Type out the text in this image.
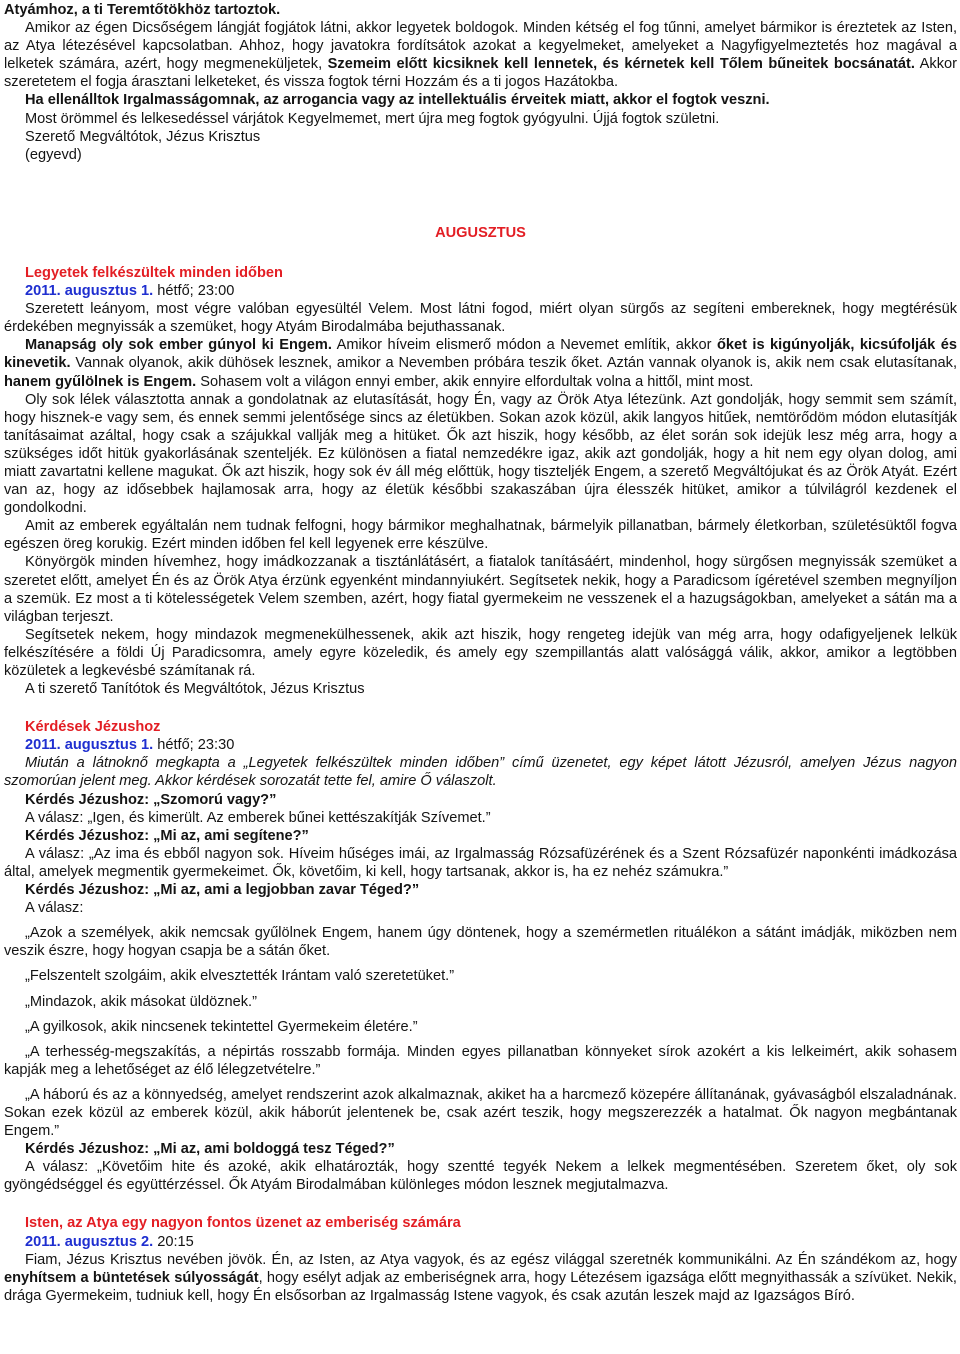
Atyámhoz, a ti Teremtőtökhöz tartoztok.

Amikor az égen Dicsőségem lángját fogjátok látni, akkor legyetek boldogok. Minden kétség el fog tűnni, amelyet bármikor is éreztetek az Isten, az Atya létezésével kapcsolatban. Ahhoz, hogy javatokra fordítsátok azokat a kegyelmeket, amelyeket a Nagyfigyelmeztetés hoz magával a lelketek számára, azért, hogy megmeneküljetek, Szemeim előtt kicsiknek kell lennetek, és kérnetek kell Tőlem bűneitek bocsánatát. Akkor szeretetem el fogja árasztani lelketeket, és vissza fogtok térni Hozzám és a ti jogos Hazátokba.

Ha ellenálltok Irgalmasságomnak, az arrogancia vagy az intellektuális érveitek miatt, akkor el fogtok veszni.

Most örömmel és lelkesedéssel várjátok Kegyelmemet, mert újra meg fogtok gyógyulni. Újjá fogtok születni.

Szerető Megváltótok, Jézus Krisztus

(egyevd)

AUGUSZTUS

Legyetek felkészültek minden időben

2011. augusztus 1. hétfő; 23:00

Szeretett leányom, most végre valóban egyesültél Velem. Most látni fogod, miért olyan sürgős az segíteni embereknek, hogy megtérésük érdekében megnyissák a szemüket, hogy Atyám Birodalmába bejuthassanak.

Manapság oly sok ember gúnyol ki Engem. Amikor híveim elismerő módon a Nevemet említik, akkor őket is kigúnyolják, kicsúfolják és kinevetik. Vannak olyanok, akik dühösek lesznek, amikor a Nevemben próbára teszik őket. Aztán vannak olyanok is, akik nem csak elutasítanak, hanem gyűlölnek is Engem. Sohasem volt a világon ennyi ember, akik ennyire elfordultak volna a hittől, mint most.

Oly sok lélek választotta annak a gondolatnak az elutasítását, hogy Én, vagy az Örök Atya létezünk. Azt gondolják, hogy semmit sem számít, hogy hisznek-e vagy sem, és ennek semmi jelentősége sincs az életükben. Sokan azok közül, akik langyos hitűek, nemtörődöm módon elutasítják tanításaimat azáltal, hogy csak a szájukkal vallják meg a hitüket. Ők azt hiszik, hogy később, az élet során sok idejük lesz még arra, hogy a szükséges időt hitük gyakorlásának szenteljék. Ez különösen a fiatal nemzedékre igaz, akik azt gondolják, hogy a hit nem egy olyan dolog, ami miatt zavartatni kellene magukat. Ők azt hiszik, hogy sok év áll még előttük, hogy tiszteljék Engem, a szerető Megváltójukat és az Örök Atyát. Ezért van az, hogy az idősebbek hajlamosak arra, hogy az életük későbbi szakaszában újra élesszék hitüket, amikor a túlvilágról kezdenek el gondolkodni.

Amit az emberek egyáltalán nem tudnak felfogni, hogy bármikor meghalhatnak, bármelyik pillanatban, bármely életkorban, születésüktől fogva egészen öreg korukig. Ezért minden időben fel kell legyenek erre készülve.

Könyörgök minden hívemhez, hogy imádkozzanak a tisztánlátásért, a fiatalok tanításáért, mindenhol, hogy sürgősen megnyissák szemüket a szeretet előtt, amelyet Én és az Örök Atya érzünk egyenként mindannyiukért. Segítsetek nekik, hogy a Paradicsom ígéretével szemben megnyíljon a szemük. Ez most a ti kötelességetek Velem szemben, azért, hogy fiatal gyermekeim ne vesszenek el a hazugságokban, amelyeket a sátán ma a világban terjeszt.

Segítsetek nekem, hogy mindazok megmenekülhessenek, akik azt hiszik, hogy rengeteg idejük van még arra, hogy odafigyeljenek lelkük felkészítésére a földi Új Paradicsomra, amely egyre közeledik, és amely egy szempillantás alatt valósággá válik, akkor, amikor a legtöbben közületek a legkevésbé számítanak rá.

A ti szerető Tanítótok és Megváltótok, Jézus Krisztus

Kérdések Jézushoz

2011. augusztus 1. hétfő; 23:30

Miután a látnoknő megkapta a „Legyetek felkészültek minden időben” című üzenetet, egy képet látott Jézusról, amelyen Jézus nagyon szomorúan jelent meg. Akkor kérdések sorozatát tette fel, amire Ő válaszolt.

Kérdés Jézushoz: „Szomorú vagy?”

A válasz: „Igen, és kimerült. Az emberek bűnei kettészakítják Szívemet.”

Kérdés Jézushoz: „Mi az, ami segítene?”

A válasz: „Az ima és ebből nagyon sok. Híveim hűséges imái, az Irgalmasság Rózsafüzérének és a Szent Rózsafüzér naponkénti imádkozása által, amelyek megmentik gyermekeimet. Ők, követőim, ki kell, hogy tartsanak, akkor is, ha ez nehéz számukra.”

Kérdés Jézushoz: „Mi az, ami a legjobban zavar Téged?”

A válasz:

„Azok a személyek, akik nemcsak gyűlölnek Engem, hanem úgy döntenek, hogy a szemérmetlen rituálékon a sátánt imádják, miközben nem veszik észre, hogy hogyan csapja be a sátán őket.

„Felszentelt szolgáim, akik elvesztették Irántam való szeretetüket.”

„Mindazok, akik másokat üldöznek.”

„A gyilkosok, akik nincsenek tekintettel Gyermekeim életére.”

„A terhesség-megszakítás, a népirtás rosszabb formája. Minden egyes pillanatban könnyeket sírok azokért a kis lelkeimért, akik sohasem kapják meg a lehetőséget az élő lélegzetvételre.”

„A háború és az a könnyedség, amelyet rendszerint azok alkalmaznak, akiket ha a harcmező közepére állítanának, gyávaságból elszaladnának. Sokan ezek közül az emberek közül, akik háborút jelentenek be, csak azért teszik, hogy megszerezzék a hatalmat. Ők nagyon megbántanak Engem.”

Kérdés Jézushoz: „Mi az, ami boldoggá tesz Téged?”

A válasz: „Követőim hite és azoké, akik elhatározták, hogy szentté tegyék Nekem a lelkek megmentésében. Szeretem őket, oly sok gyöngédséggel és együttérzéssel. Ők Atyám Birodalmában különleges módon lesznek megjutalmazva.

Isten, az Atya egy nagyon fontos üzenet az emberiség számára

2011. augusztus 2. 20:15

Fiam, Jézus Krisztus nevében jövök. Én, az Isten, az Atya vagyok, és az egész világgal szeretnék kommunikálni. Az Én szándékom az, hogy enyhítsem a büntetések súlyosságát, hogy esélyt adjak az emberiségnek arra, hogy Létezésem igazsága előtt megnyithassák a szívüket. Nekik, drága Gyermekeim, tudniuk kell, hogy Én elsősorban az Irgalmasság Istene vagyok, és csak azután leszek majd az Igazságos Bíró.
